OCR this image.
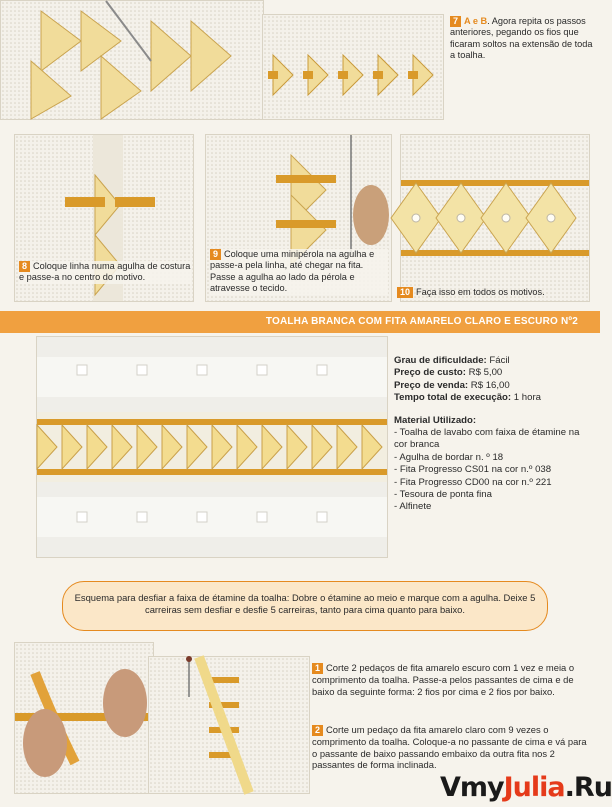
7 A e B. Agora repita os passos anteriores, pegando os fios que ficaram soltos na extensão de toda a toalha.
8 Coloque linha numa agulha de costura e passe-a no centro do motivo.
9 Coloque uma minipérola na agulha e passe-a pela linha, até chegar na fita. Passe a agulha ao lado da pérola e atravesse o tecido.	10 Faça isso em todos os motivos.
TOALHA BRANCA COM FITA AMARELO CLARO E ESCURO Nº2
Grau de dificuldade: Fácil
Preço de custo: R$ 5,00
Preço de venda: R$ 16,00
Tempo total de execução: 1 hora
Material Utilizado:
- Toalha de lavabo com faixa de étamine na cor branca
- Agulha de bordar n. º 18
- Fita Progresso CS01 na cor n.º 038
- Fita Progresso CD00 na cor n.º 221
- Tesoura de ponta fina
- Alfinete
Esquema para desfiar a faixa de étamine da toalha: Dobre o étamine ao meio e marque com a agulha. Deixe 5 carreiras sem desfiar e desfie 5 carreiras, tanto para cima quanto para baixo.
1 Corte 2 pedaços de fita amarelo escuro com 1 vez e meia o comprimento da toalha. Passe-a pelos passantes de cima e de baixo da seguinte forma: 2 fios por cima e 2 fios por baixo.
2 Corte um pedaço da fita amarelo claro com 9 vezes o comprimento da toalha. Coloque-a no passante de cima e vá para o passante de baixo passando embaixo da outra fita nos 2 passantes de forma inclinada.
VmyJulia.Ru
